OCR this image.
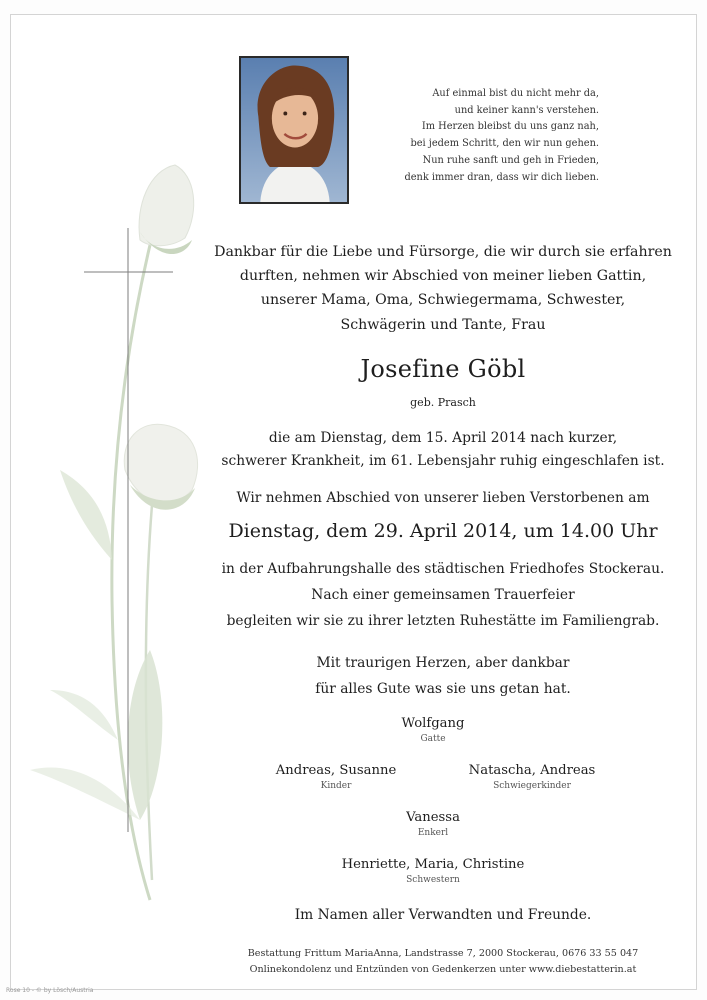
Auf einmal bist du nicht mehr da,
und keiner kann's verstehen.
Im Herzen bleibst du uns ganz nah,
bei jedem Schritt, den wir nun gehen.
Nun ruhe sanft und geh in Frieden,
denk immer dran, dass wir dich lieben.
Dankbar für die Liebe und Fürsorge, die wir durch sie erfahren
durften, nehmen wir Abschied von meiner lieben Gattin,
unserer Mama, Oma, Schwiegermama, Schwester,
Schwägerin und Tante, Frau
Josefine Göbl
geb. Prasch
die am Dienstag, dem 15. April 2014 nach kurzer,
schwerer Krankheit, im 61. Lebensjahr ruhig eingeschlafen ist.
Wir nehmen Abschied von unserer lieben Verstorbenen am
Dienstag, dem 29. April 2014, um 14.00 Uhr
in der Aufbahrungshalle des städtischen Friedhofes Stockerau.
Nach einer gemeinsamen Trauerfeier
begleiten wir sie zu ihrer letzten Ruhestätte im Familiengrab.
Mit traurigen Herzen, aber dankbar
für alles Gute was sie uns getan hat.
Wolfgang
Gatte
Andreas, Susanne
Kinder
Natascha, Andreas
Schwiegerkinder
Vanessa
Enkerl
Henriette, Maria, Christine
Schwestern
Im Namen aller Verwandten und Freunde.
Bestattung Frittum MariaAnna, Landstrasse 7, 2000 Stockerau, 0676 33 55 047
Onlinekondolenz und Entzünden von Gedenkerzen unter www.diebestatterin.at
Rose 10 - © by Lösch/Austria
